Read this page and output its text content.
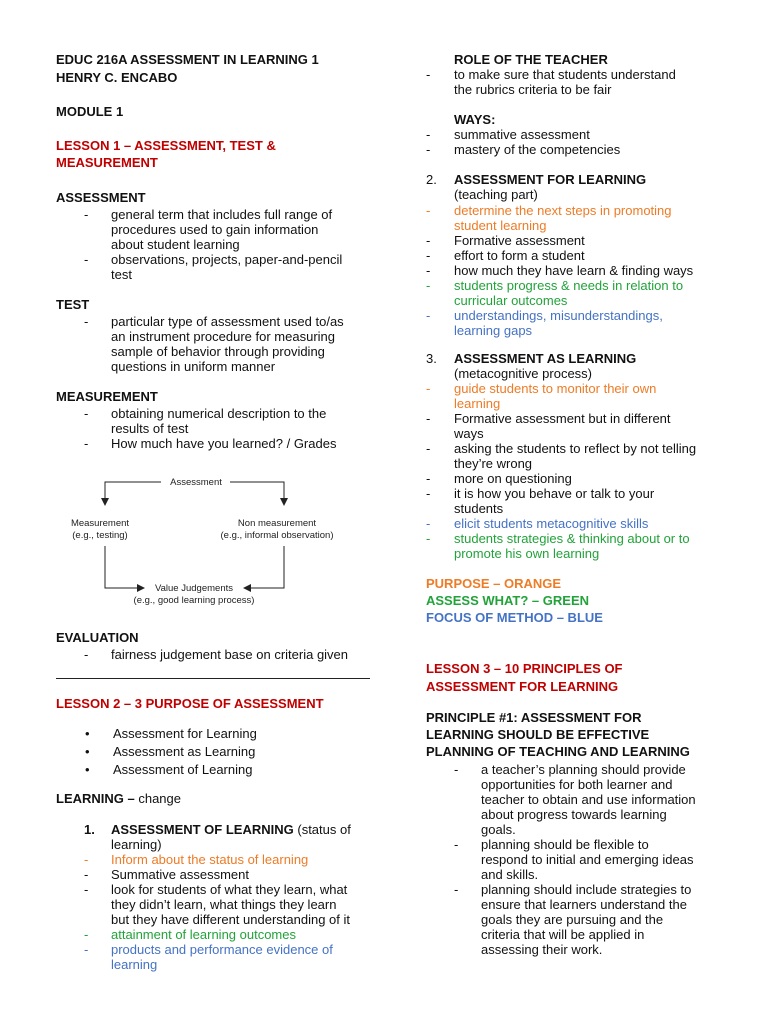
EDUC 216A ASSESSMENT IN LEARNING 1
HENRY C. ENCABO
MODULE 1
LESSON 1 – ASSESSMENT, TEST &
MEASUREMENT
ASSESSMENT
- general term that includes full range of
procedures used to gain information
about student learning
- observations, projects, paper-and-pencil
test
TEST
- particular type of assessment used to/as
an instrument procedure for measuring
sample of behavior through providing
questions in uniform manner
MEASUREMENT
- obtaining numerical description to the
results of test
- How much have you learned? / Grades
Assessment
Measurement
(e.g., testing)
Non measurement
(e.g., informal observation)
Value Judgements
(e.g., good learning process)
EVALUATION
- fairness judgement base on criteria given
LESSON 2 – 3 PURPOSE OF ASSESSMENT
• Assessment for Learning
• Assessment as Learning
• Assessment of Learning
LEARNING – change
1. ASSESSMENT OF LEARNING (status of
learning)
- Inform about the status of learning
- Summative assessment
- look for students of what they learn, what
they didn’t learn, what things they learn
but they have different understanding of it
- attainment of learning outcomes
- products and performance evidence of
learning
ROLE OF THE TEACHER
- to make sure that students understand
the rubrics criteria to be fair
WAYS:
- summative assessment
- mastery of the competencies
2. ASSESSMENT FOR LEARNING
(teaching part)
- determine the next steps in promoting
student learning
- Formative assessment
- effort to form a student
- how much they have learn & finding ways
- students progress & needs in relation to
curricular outcomes
- understandings, misunderstandings,
learning gaps
3. ASSESSMENT AS LEARNING
(metacognitive process)
- guide students to monitor their own
learning
- Formative assessment but in different
ways
- asking the students to reflect by not telling
they’re wrong
- more on questioning
- it is how you behave or talk to your
students
- elicit students metacognitive skills
- students strategies & thinking about or to
promote his own learning
PURPOSE – ORANGE
ASSESS WHAT? – GREEN
FOCUS OF METHOD – BLUE
LESSON 3 – 10 PRINCIPLES OF
ASSESSMENT FOR LEARNING
PRINCIPLE #1: ASSESSMENT FOR
LEARNING SHOULD BE EFFECTIVE
PLANNING OF TEACHING AND LEARNING
- a teacher’s planning should provide
opportunities for both learner and
teacher to obtain and use information
about progress towards learning
goals.
- planning should be flexible to
respond to initial and emerging ideas
and skills.
- planning should include strategies to
ensure that learners understand the
goals they are pursuing and the
criteria that will be applied in
assessing their work.
